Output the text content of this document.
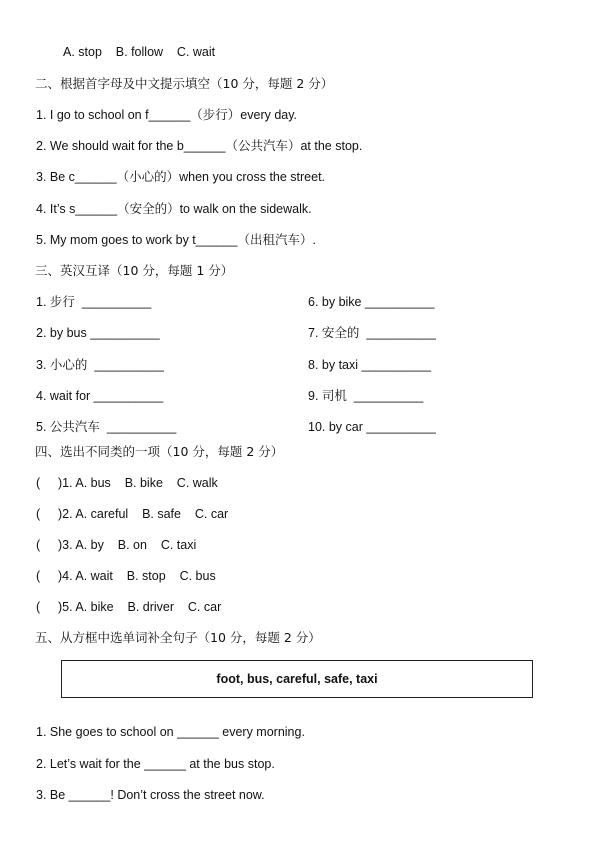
A. stop    B. follow    C. wait
二、根据首字母及中文提示填空（10 分，每题 2 分）
1. I go to school on f______（步行）every day.
2. We should wait for the b______（公共汽车）at the stop.
3. Be c______（小心的）when you cross the street.
4. It’s s______（安全的）to walk on the sidewalk.
5. My mom goes to work by t______（出租汽车）.
三、英汉互译（10 分，每题 1 分）
1. 步行  __________
2. by bus __________
3. 小心的  __________
4. wait for __________
5. 公共汽车  __________
6. by bike __________
7. 安全的  __________
8. by taxi __________
9. 司机  __________
10. by car __________
四、选出不同类的一项（10 分，每题 2 分）
( )1. A. bus    B. bike    C. walk
( )2. A. careful    B. safe    C. car
( )3. A. by    B. on    C. taxi
( )4. A. wait    B. stop    C. bus
( )5. A. bike    B. driver    C. car
五、从方框中选单词补全句子（10 分，每题 2 分）
foot, bus, careful, safe, taxi
1. She goes to school on ______ every morning.
2. Let’s wait for the ______ at the bus stop.
3. Be ______! Don’t cross the street now.
